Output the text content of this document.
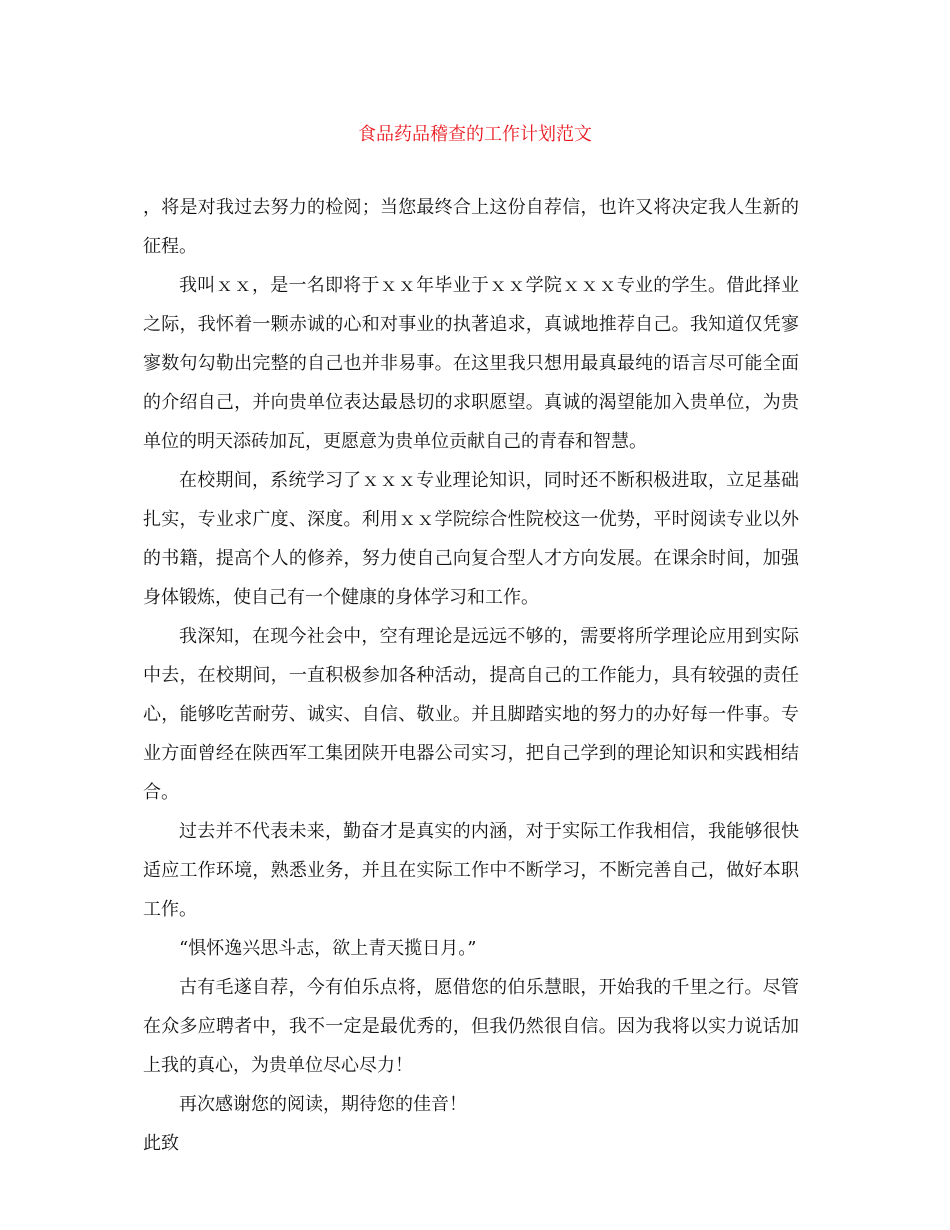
食品药品稽查的工作计划范文

，将是对我过去努力的检阅；当您最终合上这份自荐信，也许又将决定我人生新的征程。

我叫ｘｘ，是一名即将于ｘｘ年毕业于ｘｘ学院ｘｘｘ专业的学生。借此择业之际，我怀着一颗赤诚的心和对事业的执著追求，真诚地推荐自己。我知道仅凭寥寥数句勾勒出完整的自己也并非易事。在这里我只想用最真最纯的语言尽可能全面的介绍自己，并向贵单位表达最恳切的求职愿望。真诚的渴望能加入贵单位，为贵单位的明天添砖加瓦，更愿意为贵单位贡献自己的青春和智慧。

在校期间，系统学习了ｘｘｘ专业理论知识，同时还不断积极进取，立足基础扎实，专业求广度、深度。利用ｘｘ学院综合性院校这一优势，平时阅读专业以外的书籍，提高个人的修养，努力使自己向复合型人才方向发展。在课余时间，加强身体锻炼，使自己有一个健康的身体学习和工作。

我深知，在现今社会中，空有理论是远远不够的，需要将所学理论应用到实际中去，在校期间，一直积极参加各种活动，提高自己的工作能力，具有较强的责任心，能够吃苦耐劳、诚实、自信、敬业。并且脚踏实地的努力的办好每一件事。专业方面曾经在陕西军工集团陕开电器公司实习，把自己学到的理论知识和实践相结合。

过去并不代表未来，勤奋才是真实的内涵，对于实际工作我相信，我能够很快适应工作环境，熟悉业务，并且在实际工作中不断学习，不断完善自己，做好本职工作。

“惧怀逸兴思斗志，欲上青天揽日月。”

古有毛遂自荐，今有伯乐点将，愿借您的伯乐慧眼，开始我的千里之行。尽管在众多应聘者中，我不一定是最优秀的，但我仍然很自信。因为我将以实力说话加上我的真心，为贵单位尽心尽力！

再次感谢您的阅读，期待您的佳音！

此致
